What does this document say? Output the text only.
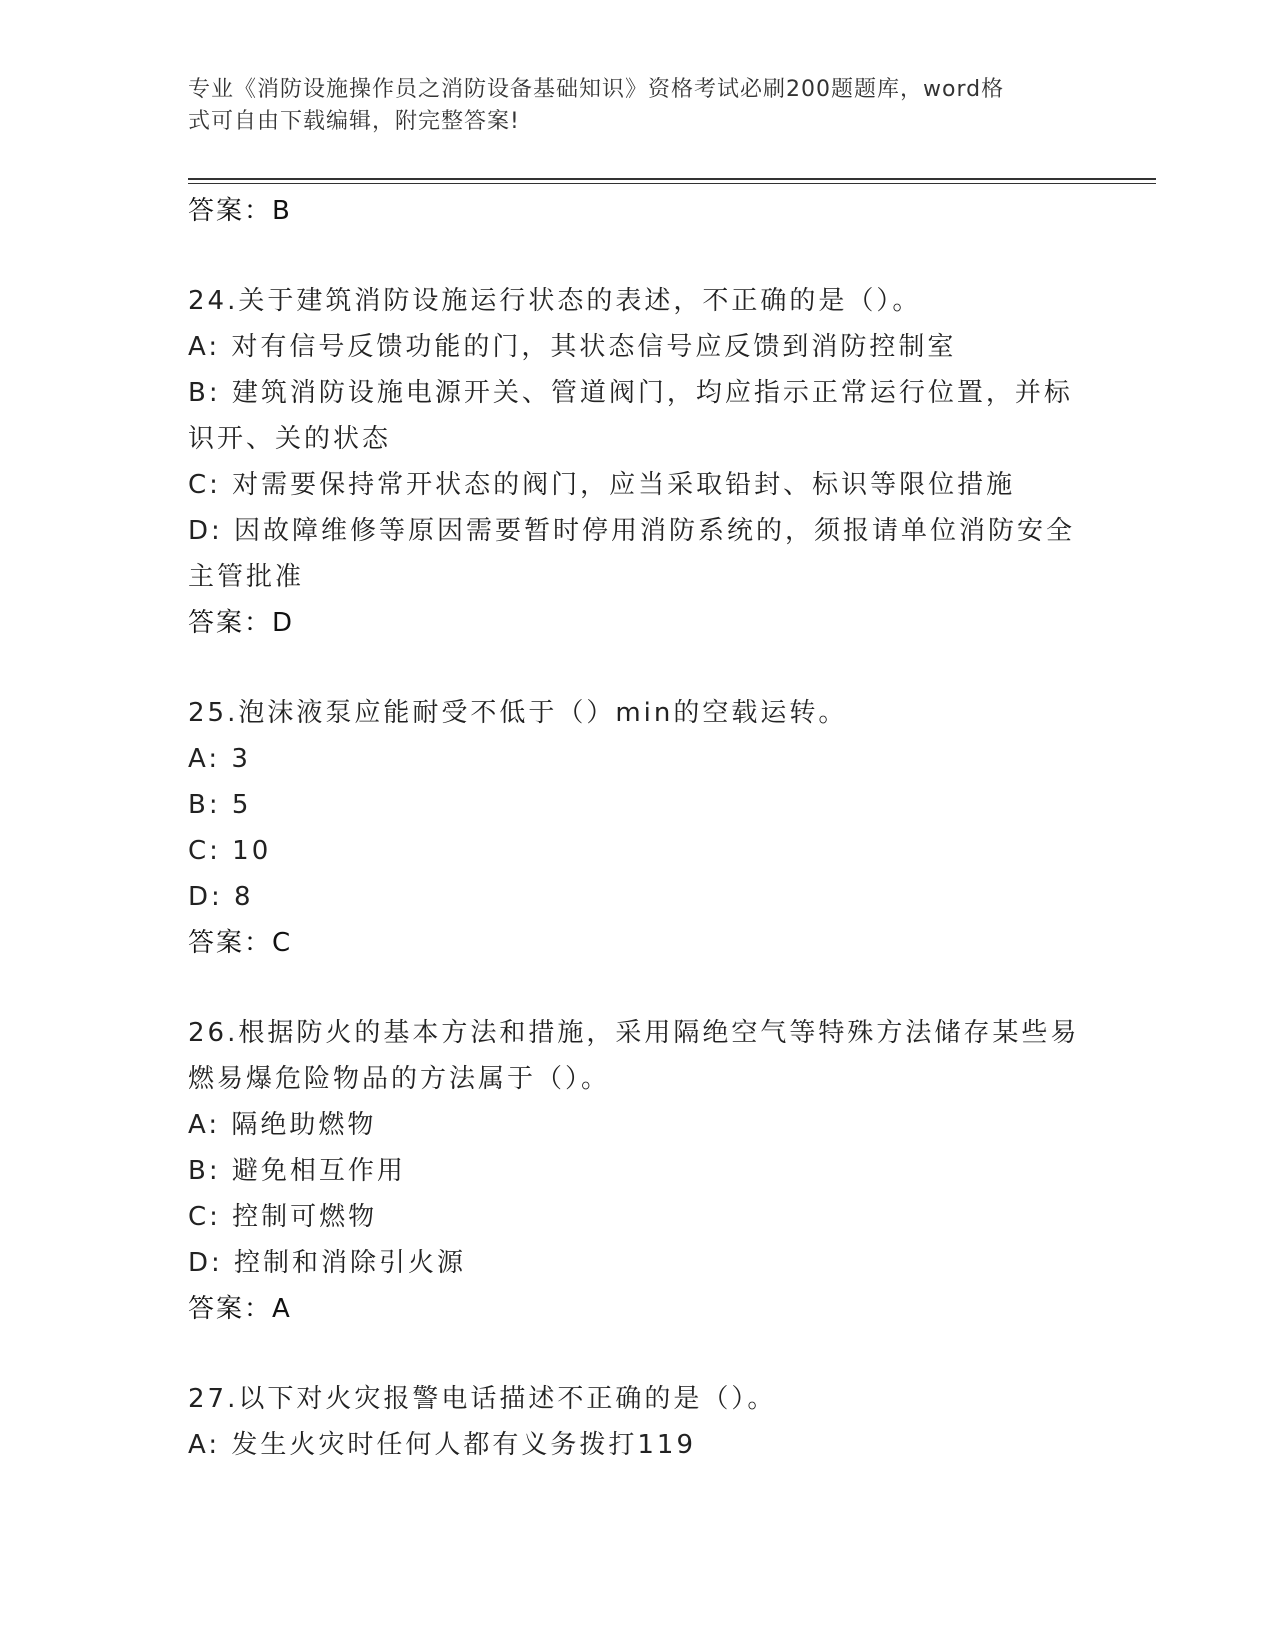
专业《消防设施操作员之消防设备基础知识》资格考试必刷200题题库，word格
式可自由下载编辑，附完整答案!
答案：B
24.关于建筑消防设施运行状态的表述，不正确的是（）。
A: 对有信号反馈功能的门，其状态信号应反馈到消防控制室
B: 建筑消防设施电源开关、管道阀门，均应指示正常运行位置，并标
识开、关的状态
C: 对需要保持常开状态的阀门，应当采取铅封、标识等限位措施
D: 因故障维修等原因需要暂时停用消防系统的，须报请单位消防安全
主管批准
答案：D
25.泡沫液泵应能耐受不低于（）min的空载运转。
A: 3
B: 5
C: 10
D: 8
答案：C
26.根据防火的基本方法和措施，采用隔绝空气等特殊方法储存某些易
燃易爆危险物品的方法属于（）。
A: 隔绝助燃物
B: 避免相互作用
C: 控制可燃物
D: 控制和消除引火源
答案：A
27.以下对火灾报警电话描述不正确的是（）。
A: 发生火灾时任何人都有义务拨打119
